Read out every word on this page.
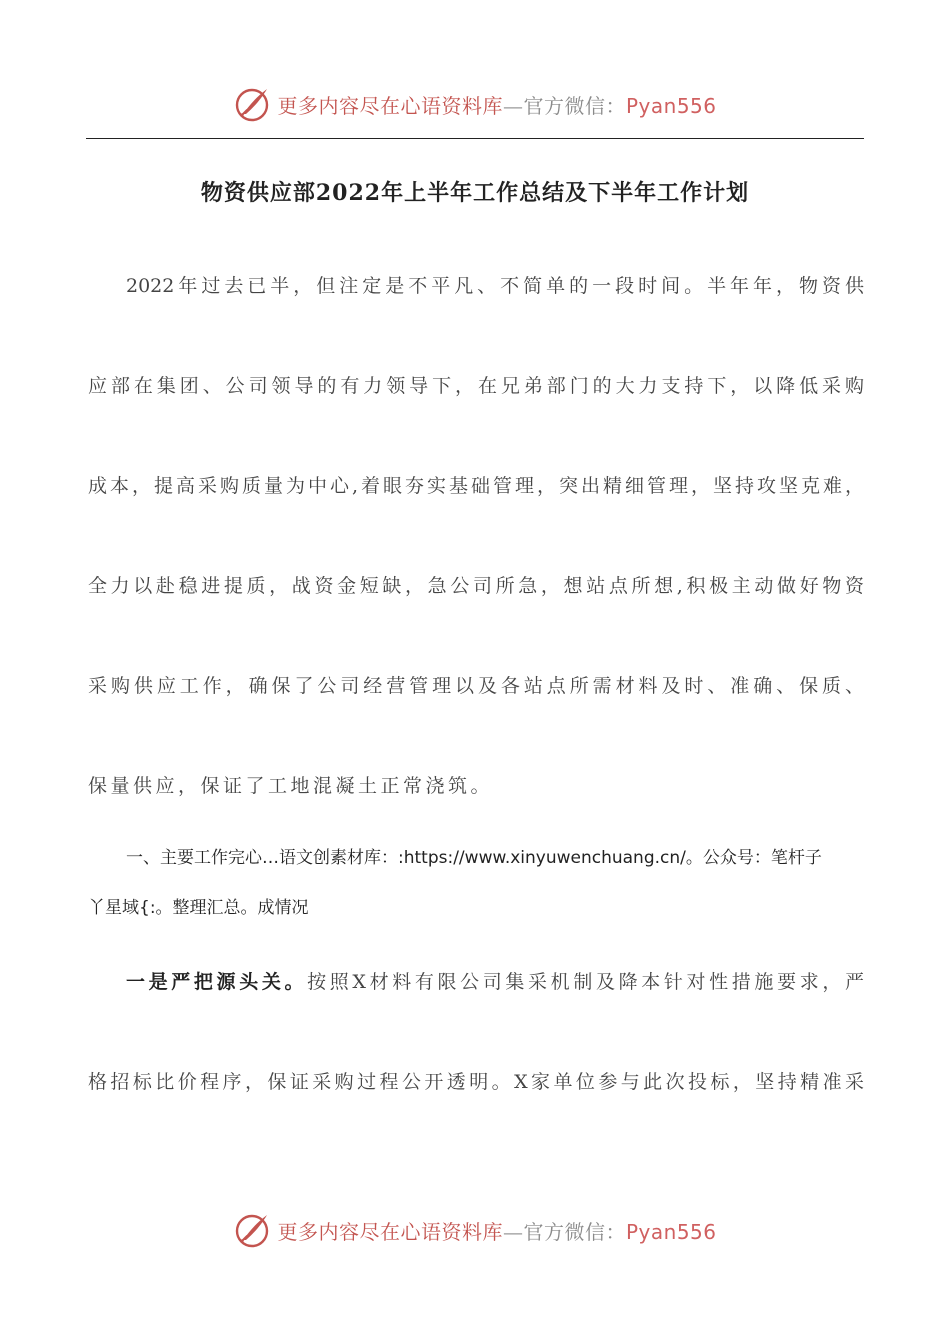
更多内容尽在心语资料库—官方微信：Pyan556
物资供应部2022年上半年工作总结及下半年工作计划
2022年过去已半，但注定是不平凡、不简单的一段时间。半年年，物资供
应部在集团、公司领导的有力领导下，在兄弟部门的大力支持下，以降低采购
成本，提高采购质量为中心,着眼夯实基础管理，突出精细管理，坚持攻坚克难，
全力以赴稳进提质，战资金短缺，急公司所急，想站点所想,积极主动做好物资
采购供应工作，确保了公司经营管理以及各站点所需材料及时、准确、保质、
保量供应，保证了工地混凝土正常浇筑。
一、主要工作完心…语文创素材库：:https://www.xinyuwenchuang.cn/。公众号：笔杆子
丫星域{:。整理汇总。成情况
一是严把源头关。按照X材料有限公司集采机制及降本针对性措施要求，严
格招标比价程序，保证采购过程公开透明。X家单位参与此次投标，坚持精准采
更多内容尽在心语资料库—官方微信：Pyan556
